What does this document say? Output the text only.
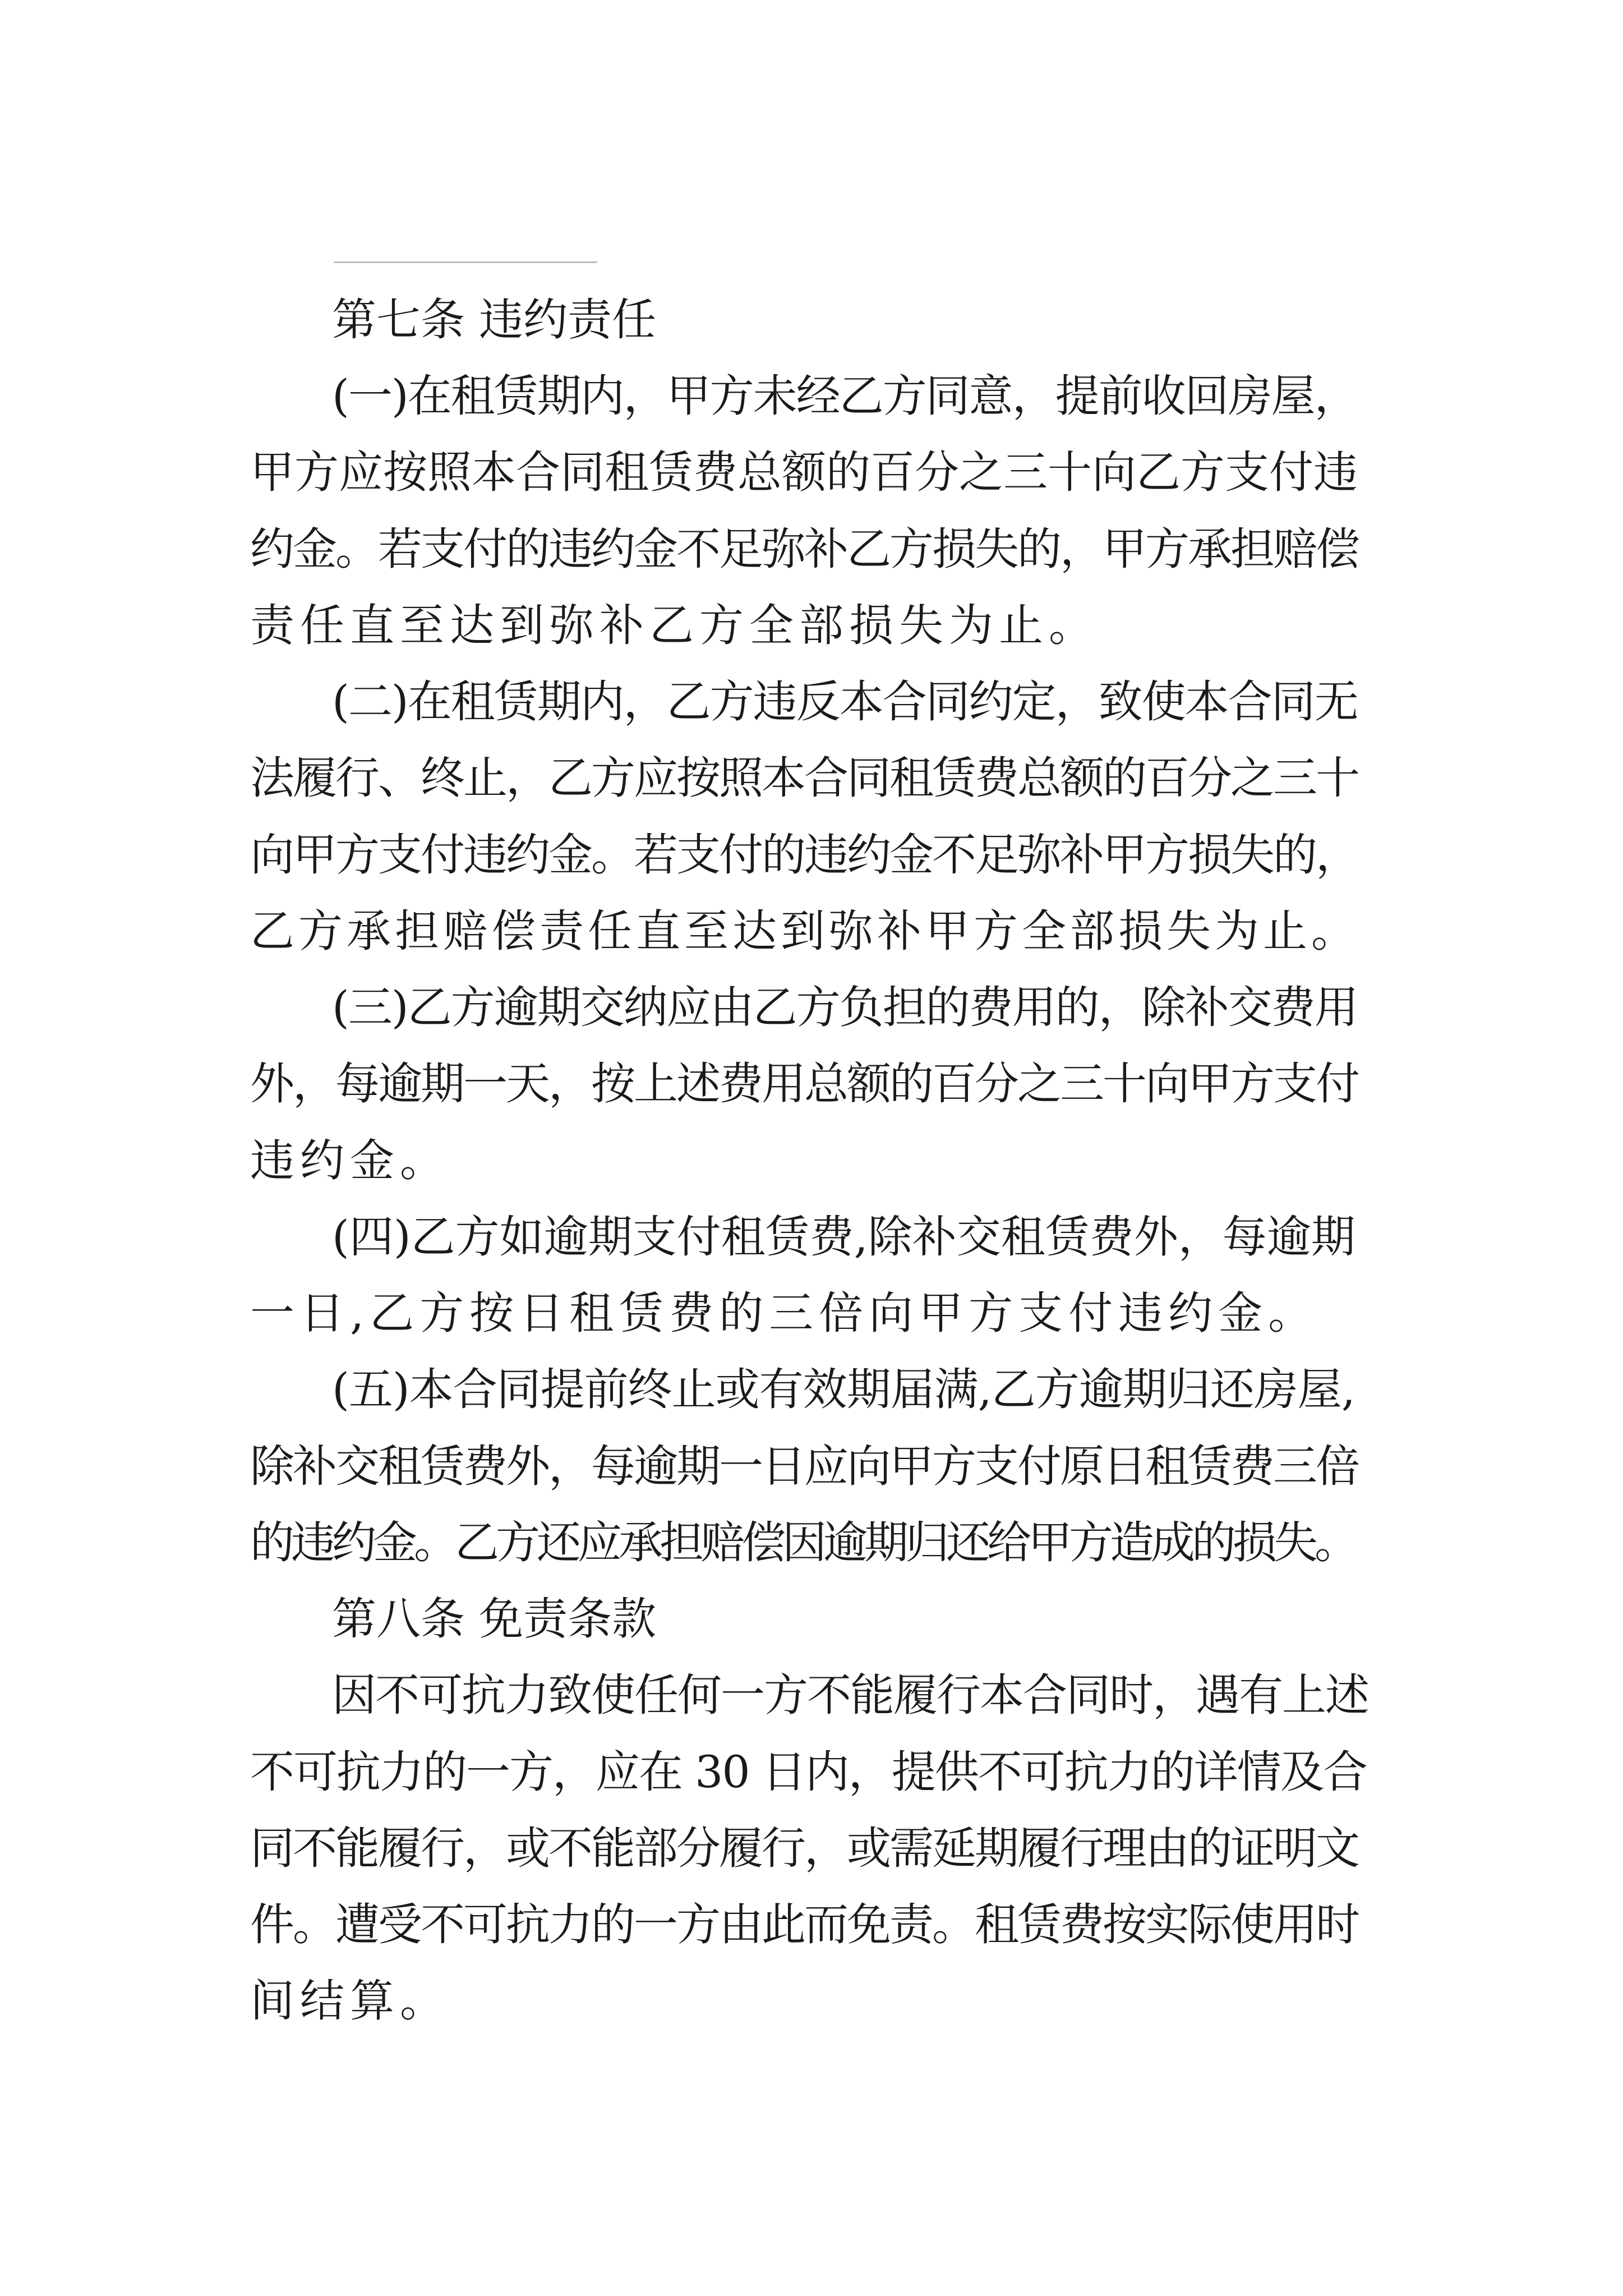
第七条 违约责任
(一)在租赁期内，甲方未经乙方同意，提前收回房屋，
甲方应按照本合同租赁费总额的百分之三十向乙方支付违
约金。若支付的违约金不足弥补乙方损失的，甲方承担赔偿
责任直至达到弥补乙方全部损失为止。
(二)在租赁期内，乙方违反本合同约定，致使本合同无
法履行、终止，乙方应按照本合同租赁费总额的百分之三十
向甲方支付违约金。若支付的违约金不足弥补甲方损失的，
乙方承担赔偿责任直至达到弥补甲方全部损失为止。
(三)乙方逾期交纳应由乙方负担的费用的，除补交费用
外，每逾期一天，按上述费用总额的百分之三十向甲方支付
违约金。
(四)乙方如逾期支付租赁费,除补交租赁费外，每逾期
一日,乙方按日租赁费的三倍向甲方支付违约金。
(五)本合同提前终止或有效期届满,乙方逾期归还房屋,
除补交租赁费外，每逾期一日应向甲方支付原日租赁费三倍
的违约金。乙方还应承担赔偿因逾期归还给甲方造成的损失。
第八条 免责条款
因不可抗力致使任何一方不能履行本合同时，遇有上述
不可抗力的一方，应在 30 日内，提供不可抗力的详情及合
同不能履行，或不能部分履行，或需延期履行理由的证明文
件。遭受不可抗力的一方由此而免责。租赁费按实际使用时
间结算。
